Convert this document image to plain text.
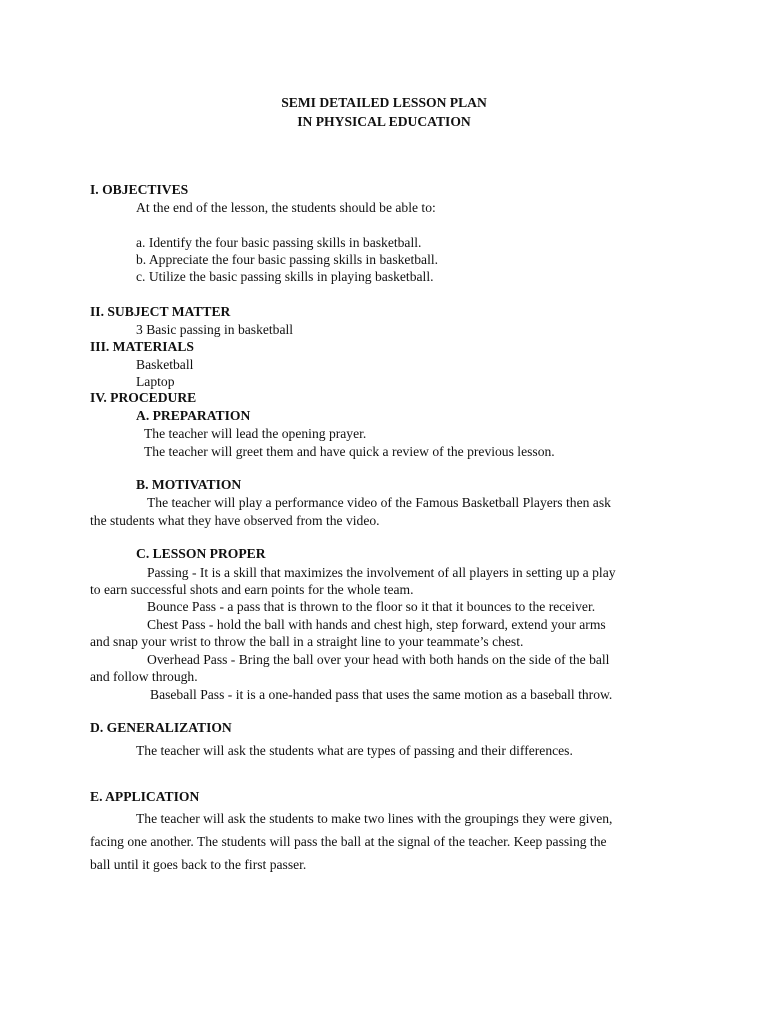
SEMI DETAILED LESSON PLAN
IN PHYSICAL EDUCATION
I. OBJECTIVES
At the end of the lesson, the students should be able to:
a. Identify the four basic passing skills in basketball.
b. Appreciate the four basic passing skills in basketball.
c. Utilize the basic passing skills in playing basketball.
II. SUBJECT MATTER
3 Basic passing in basketball
III. MATERIALS
Basketball
Laptop
IV. PROCEDURE
A. PREPARATION
The teacher will lead the opening prayer.
The teacher will greet them and have quick a review of the previous lesson.
B. MOTIVATION
The teacher will play a performance video of the Famous Basketball Players then ask
the students what they have observed from the video.
C. LESSON PROPER
Passing - It is a skill that maximizes the involvement of all players in setting up a play
to earn successful shots and earn points for the whole team.
Bounce Pass - a pass that is thrown to the floor so it that it bounces to the receiver.
Chest Pass - hold the ball with hands and chest high, step forward, extend your arms
and snap your wrist to throw the ball in a straight line to your teammate’s chest.
Overhead Pass - Bring the ball over your head with both hands on the side of the ball
and follow through.
Baseball Pass - it is a one-handed pass that uses the same motion as a baseball throw.
D. GENERALIZATION
The teacher will ask the students what are types of passing and their differences.
E. APPLICATION
The teacher will ask the students to make two lines with the groupings they were given,
facing one another. The students will pass the ball at the signal of the teacher. Keep passing the
ball until it goes back to the first passer.
